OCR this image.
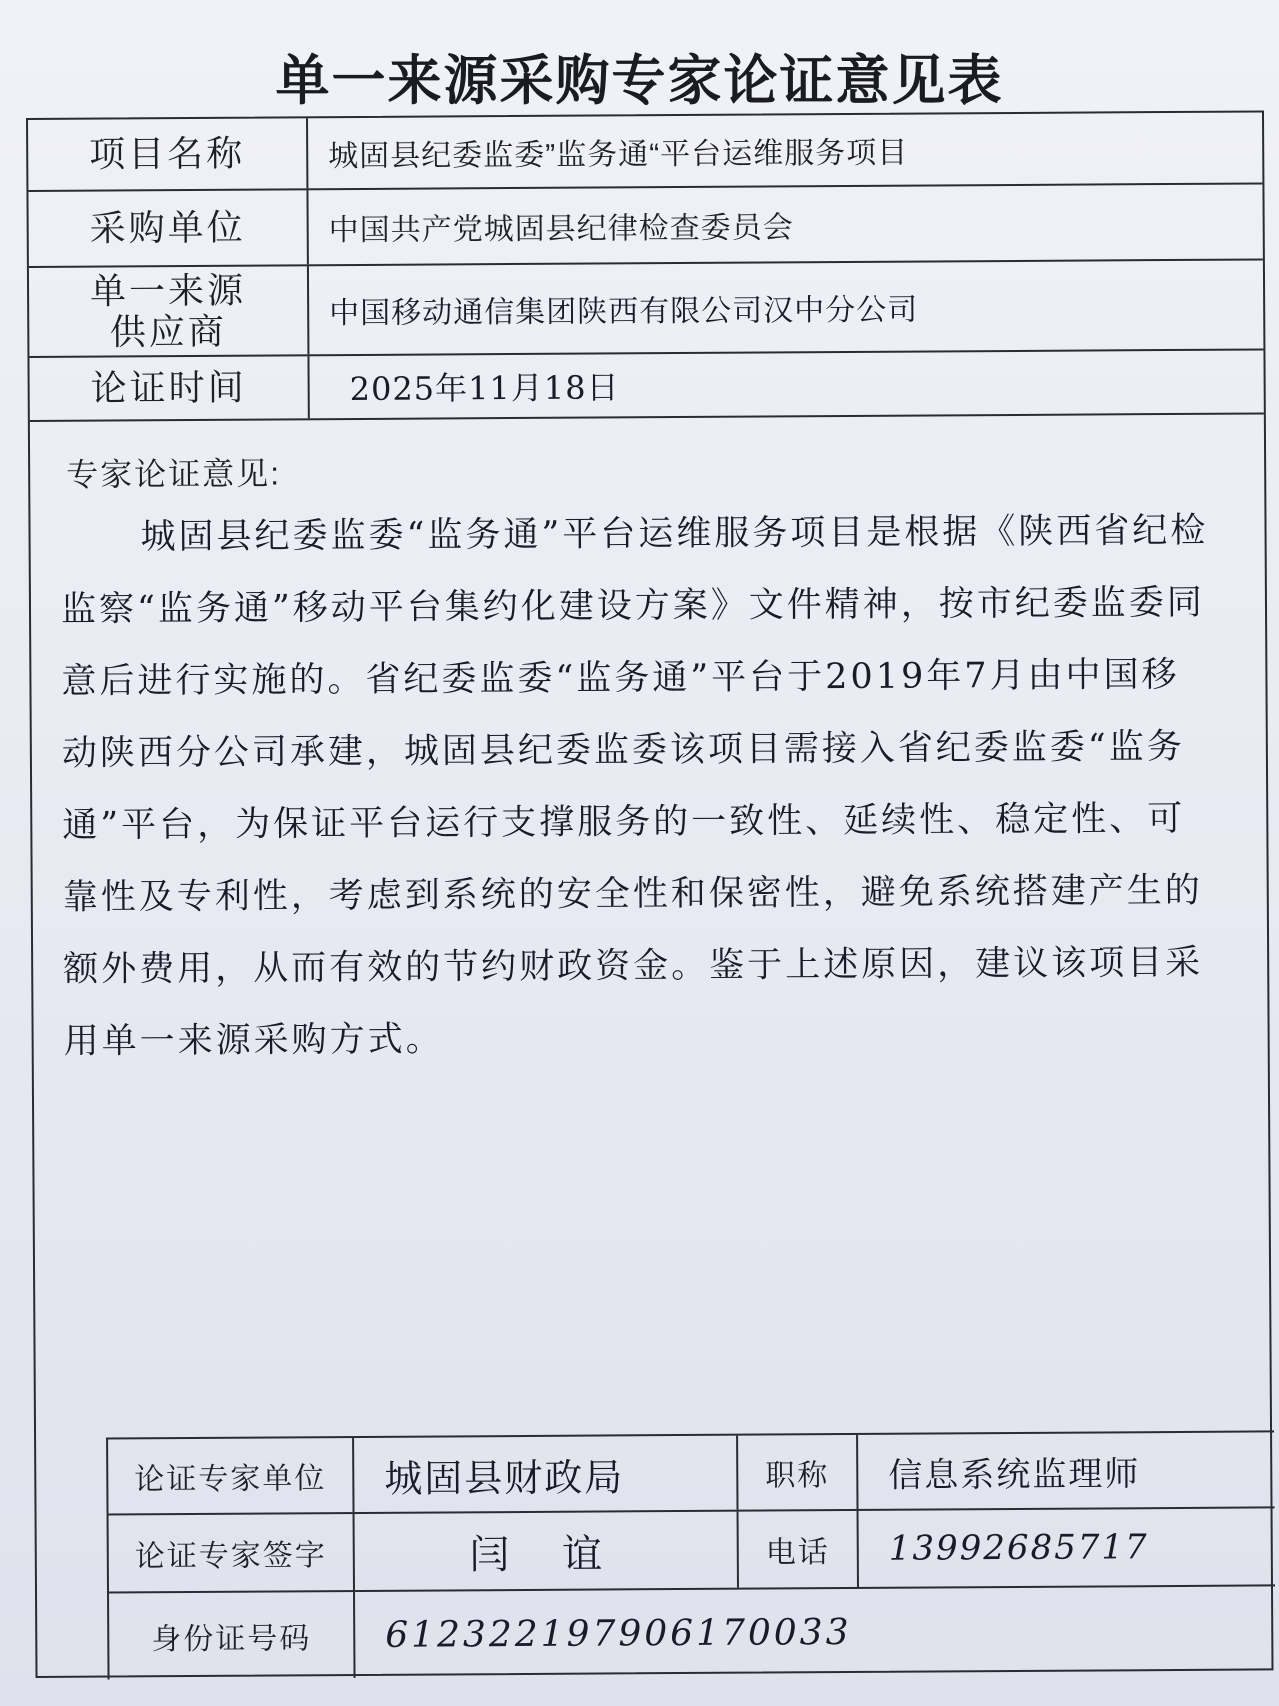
单一来源采购专家论证意见表
项目名称	城固县纪委监委”监务通“平台运维服务项目
采购单位	中国共产党城固县纪律检查委员会
单一来源
供应商	中国移动通信集团陕西有限公司汉中分公司
论证时间	2025年11月18日
专家论证意见:
城固县纪委监委“监务通”平台运维服务项目是根据《陕西省纪检监察“监务通”移动平台集约化建设方案》文件精神，按市纪委监委同意后进行实施的。省纪委监委“监务通”平台于2019年7月由中国移动陕西分公司承建，城固县纪委监委该项目需接入省纪委监委“监务通”平台，为保证平台运行支撑服务的一致性、延续性、稳定性、可靠性及专利性，考虑到系统的安全性和保密性，避免系统搭建产生的额外费用，从而有效的节约财政资金。鉴于上述原因，建议该项目采用单一来源采购方式。
论证专家单位	城固县财政局	职称	信息系统监理师
论证专家签字	闫 谊	电话	13992685717
身份证号码	612322197906170033
